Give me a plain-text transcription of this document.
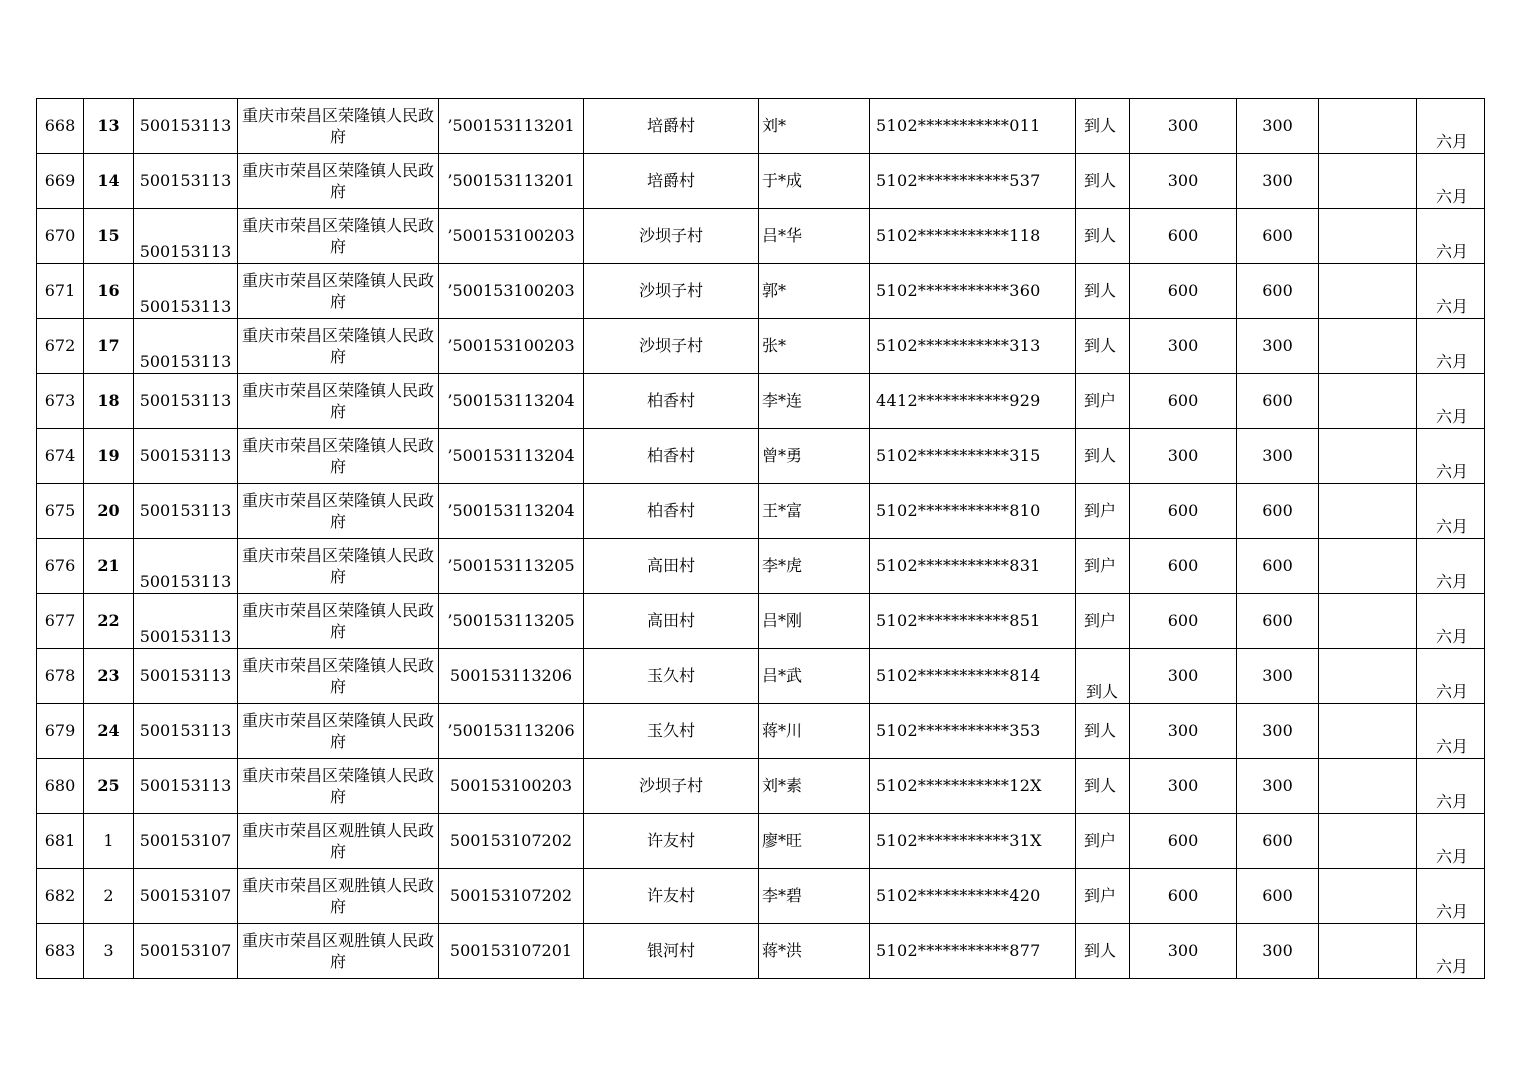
668	13	500153113	重庆市荣昌区荣隆镇人民政府	’500153113201	培爵村	刘*	5102***********011	到人	300	300		六月
669	14	500153113	重庆市荣昌区荣隆镇人民政府	’500153113201	培爵村	于*成	5102***********537	到人	300	300		六月
670	15	500153113	重庆市荣昌区荣隆镇人民政府	’500153100203	沙坝子村	吕*华	5102***********118	到人	600	600		六月
671	16	500153113	重庆市荣昌区荣隆镇人民政府	’500153100203	沙坝子村	郭*	5102***********360	到人	600	600		六月
672	17	500153113	重庆市荣昌区荣隆镇人民政府	’500153100203	沙坝子村	张*	5102***********313	到人	300	300		六月
673	18	500153113	重庆市荣昌区荣隆镇人民政府	’500153113204	柏香村	李*连	4412***********929	到户	600	600		六月
674	19	500153113	重庆市荣昌区荣隆镇人民政府	’500153113204	柏香村	曾*勇	5102***********315	到人	300	300		六月
675	20	500153113	重庆市荣昌区荣隆镇人民政府	’500153113204	柏香村	王*富	5102***********810	到户	600	600		六月
676	21	500153113	重庆市荣昌区荣隆镇人民政府	’500153113205	高田村	李*虎	5102***********831	到户	600	600		六月
677	22	500153113	重庆市荣昌区荣隆镇人民政府	’500153113205	高田村	吕*刚	5102***********851	到户	600	600		六月
678	23	500153113	重庆市荣昌区荣隆镇人民政府	500153113206	玉久村	吕*武	5102***********814	到人	300	300		六月
679	24	500153113	重庆市荣昌区荣隆镇人民政府	’500153113206	玉久村	蒋*川	5102***********353	到人	300	300		六月
680	25	500153113	重庆市荣昌区荣隆镇人民政府	500153100203	沙坝子村	刘*素	5102***********12X	到人	300	300		六月
681	1	500153107	重庆市荣昌区观胜镇人民政府	500153107202	许友村	廖*旺	5102***********31X	到户	600	600		六月
682	2	500153107	重庆市荣昌区观胜镇人民政府	500153107202	许友村	李*碧	5102***********420	到户	600	600		六月
683	3	500153107	重庆市荣昌区观胜镇人民政府	500153107201	银河村	蒋*洪	5102***********877	到人	300	300		六月
